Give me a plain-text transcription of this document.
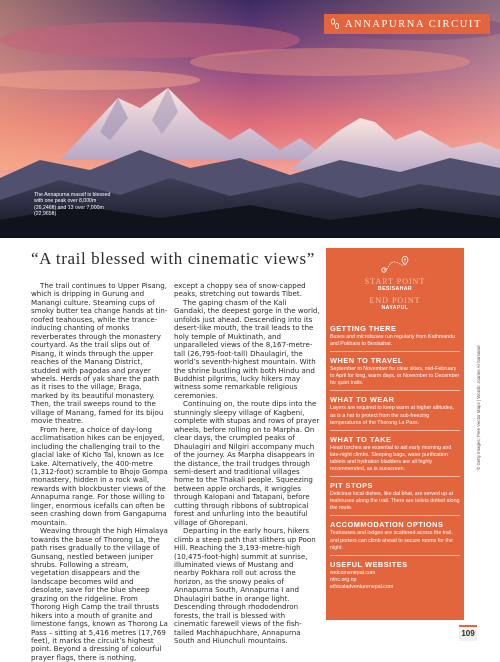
The Annapurna massif is blessed with one peak over 8,000m (26,246ft) and 13 over 7,000m (22,965ft)
ANNAPURNA CIRCUIT
“A trail blessed with cinematic views”

The trail continues to Upper Pisang, which is dripping in Gurung and Manangi culture. Steaming cups of smoky butter tea change hands at tin-roofed teahouses, while the trance-inducing chanting of monks reverberates through the monastery courtyard. As the trail slips out of Pisang, it winds through the upper reaches of the Manang District, studded with pagodas and prayer wheels. Herds of yak share the path as it rises to the village, Braga, marked by its beautiful monastery. Then, the trail sweeps round to the village of Manang, famed for its bijou movie theatre.

From here, a choice of day-long acclimatisation hikes can be enjoyed, including the challenging trail to the glacial lake of Kicho Tal, known as Ice Lake. Alternatively, the 400-metre (1,312-foot) scramble to Bhojo Gompa monastery, hidden in a rock wall, rewards with blockbuster views of the Annapurna range. For those willing to linger, enormous icefalls can often be seen crashing down from Gangapurna mountain.

Weaving through the high Himalaya towards the base of Thorong La, the path rises gradually to the village of Gunsang, nestled between juniper shrubs. Following a stream, vegetation disappears and the landscape becomes wild and desolate, save for the blue sheep grazing on the ridgeline. From Thorong High Camp the trail thrusts hikers into a mouth of granite and limestone fangs, known as Thorong La Pass – sitting at 5,416 metres (17,769 feet), it marks the circuit’s highest point. Beyond a dressing of colourful prayer flags, there is nothing,

except a choppy sea of snow-capped peaks, stretching out towards Tibet.

The gaping chasm of the Kali Gandaki, the deepest gorge in the world, unfolds just ahead. Descending into its desert-like mouth, the trail leads to the holy temple of Muktinath, and unparalleled views of the 8,167-metre-tall (26,795-foot-tall) Dhaulagiri, the world’s seventh-highest mountain. With the shrine bustling with both Hindu and Buddhist pilgrims, lucky hikers may witness some remarkable religious ceremonies.

Continuing on, the route dips into the stunningly sleepy village of Kagbeni, complete with stupas and rows of prayer wheels, before rolling on to Marpha. On clear days, the crumpled peaks of Dhaulagiri and Nilgiri accompany much of the journey. As Marpha disappears in the distance, the trail trudges through semi-desert and traditional villages home to the Thakali people. Squeezing between apple orchards, it wriggles through Kalopani and Tatapani, before cutting through ribbons of subtropical forest and unfurling into the beautiful village of Ghorepani.

Departing in the early hours, hikers climb a steep path that slithers up Poon Hill. Reaching the 3,193-metre-high (10,475-foot-high) summit at sunrise, illuminated views of Mustang and nearby Pokhara roll out across the horizon, as the snowy peaks of Annapurna South, Annapurna I and Dhaulagiri bathe in orange light. Descending through rhododendron forests, the trail is blessed with cinematic farewell views of the fish-tailed Machhapuchhare, Annapurna South and Hiunchuli mountains.

START POINT
BESISAHAR
END POINT
NAYAPUL
GETTING THERE
Buses and microbuses run regularly from Kathmandu and Pokhara to Besisahar.
WHEN TO TRAVEL
September to November for clear skies, mid-February to April for long, warm days, or November to December for quiet trails.
WHAT TO WEAR
Layers are required to keep warm at higher altitudes, as is a hat to protect from the sub-freezing temperatures of the Thorong La Pass.
WHAT TO TAKE
Head torches are essential to aid early morning and late-night climbs. Sleeping bags, water purification tablets and hydration bladders are all highly recommended, as is sunscreen.
PIT STOPS
Delicious local dishes, like dal bhat, are served up at teahouses along the trail. There are toilets dotted along the route.
ACCOMMODATION OPTIONS
Teahouses and lodges are scattered across the trail, and porters can climb ahead to secure rooms for the night.
USEFUL WEBSITES
welcomenepal.com
ntnc.org.np
ethicaladventurenepal.com
© Getty Images; Free Vector Maps | Words: Joanne Al-Samarae
109
